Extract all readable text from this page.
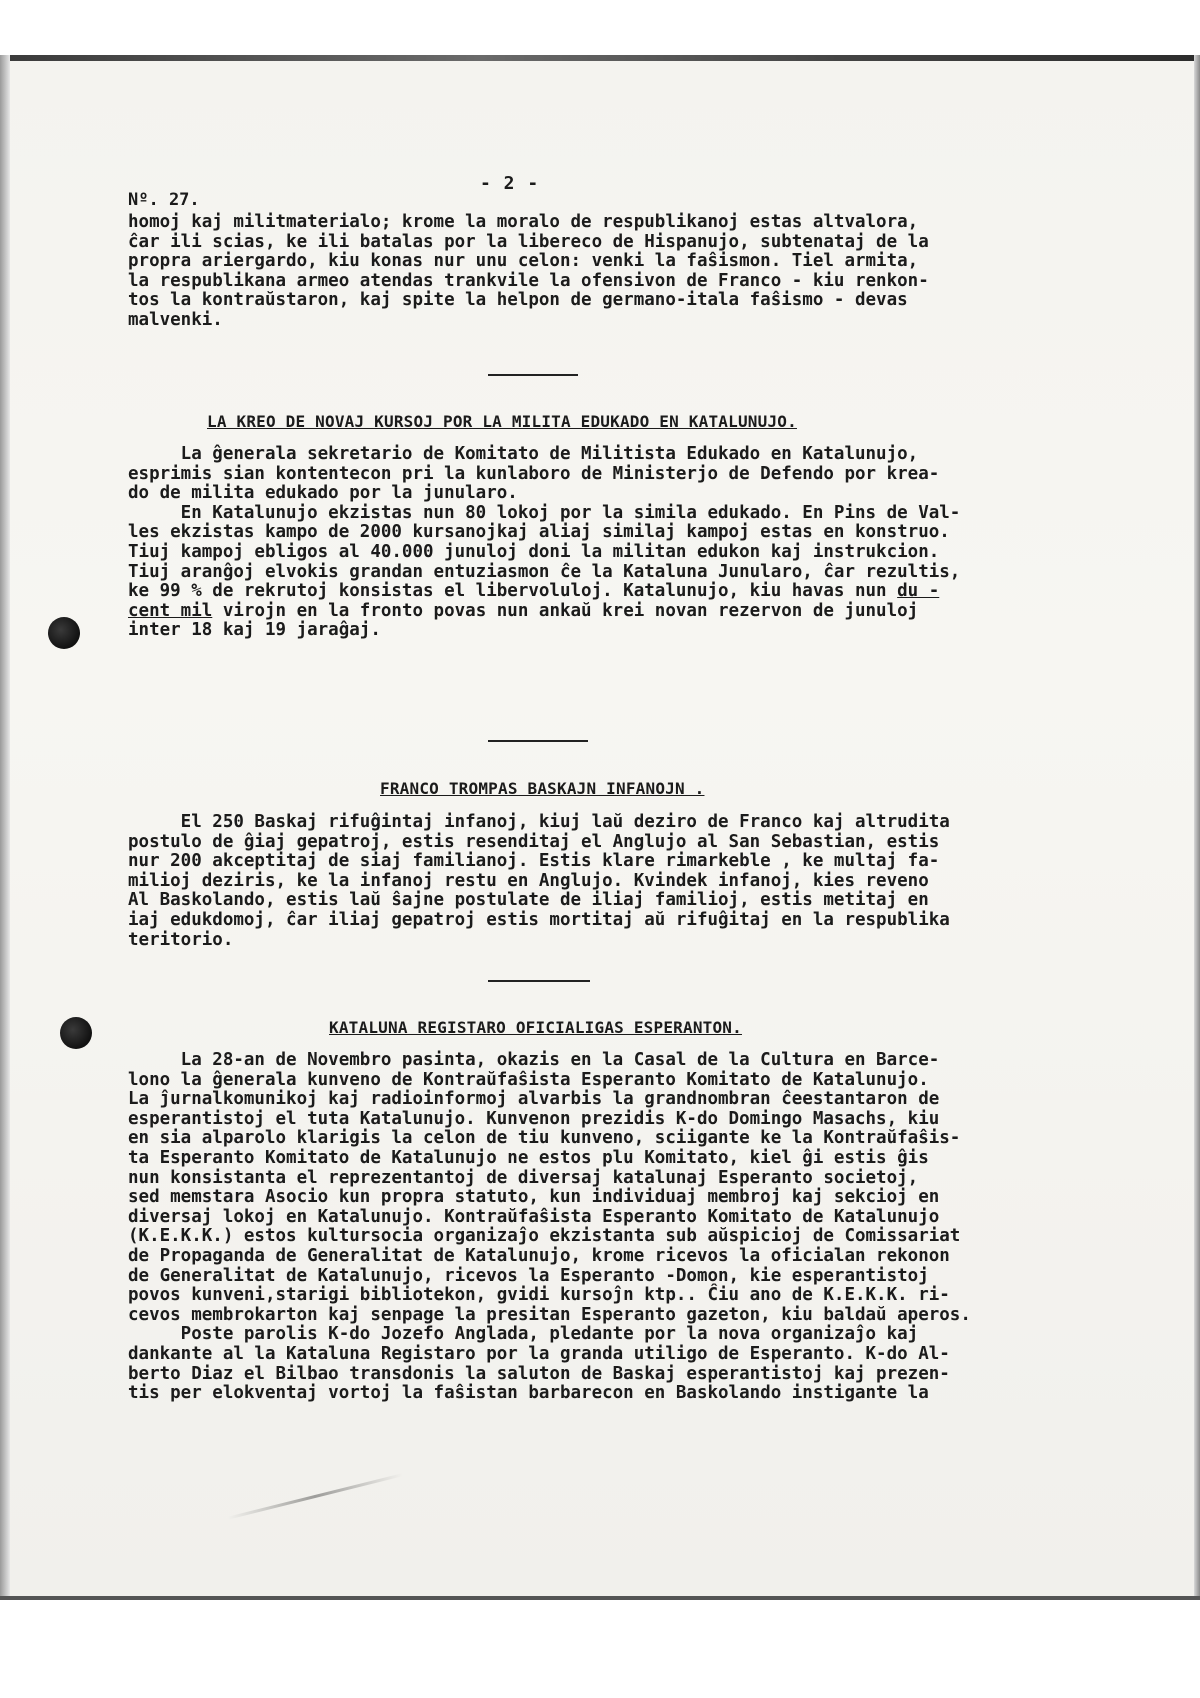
- 2 -
Nº. 27.
homoj kaj militmaterialo; krome la moralo de respublikanoj estas altvalora,
ĉar ili scias, ke ili batalas por la libereco de Hispanujo, subtenataj de la
propra ariergardo, kiu konas nur unu celon: venki la faŝismon. Tiel armita,
la respublikana armeo atendas trankvile la ofensivon de Franco - kiu renkon-
tos la kontraŭstaron, kaj spite la helpon de germano-itala faŝismo - devas
malvenki.
LA KREO DE NOVAJ KURSOJ POR LA MILITA EDUKADO EN KATALUNUJO.
La ĝenerala sekretario de Komitato de Militista Edukado en Katalunujo,
esprimis sian kontentecon pri la kunlaboro de Ministerjo de Defendo por krea-
do de milita edukado por la junularo.
En Katalunujo ekzistas nun 80 lokoj por la simila edukado. En Pins de Val-
les ekzistas kampo de 2000 kursanojkaj aliaj similaj kampoj estas en konstruo.
Tiuj kampoj ebligos al 40.000 junuloj doni la militan edukon kaj instrukcion.
Tiuj aranĝoj elvokis grandan entuziasmon ĉe la Kataluna Junularo, ĉar rezultis,
ke 99 % de rekrutoj konsistas el libervoluloj. Katalunujo, kiu havas nun du -
cent mil virojn en la fronto povas nun ankaŭ krei novan rezervon de junuloj
inter 18 kaj 19 jaraĝaj.
FRANCO TROMPAS BASKAJN INFANOJN .
El 250 Baskaj rifuĝintaj infanoj, kiuj laŭ deziro de Franco kaj altrudita
postulo de ĝiaj gepatroj, estis resenditaj el Anglujo al San Sebastian, estis
nur 200 akceptitaj de siaj familianoj. Estis klare rimarkeble , ke multaj fa-
milioj deziris, ke la infanoj restu en Anglujo. Kvindek infanoj, kies reveno
Al Baskolando, estis laŭ ŝajne postulate de iliaj familioj, estis metitaj en
iaj edukdomoj, ĉar iliaj gepatroj estis mortitaj aŭ rifuĝitaj en la respublika
teritorio.
KATALUNA REGISTARO OFICIALIGAS ESPERANTON.
La 28-an de Novembro pasinta, okazis en la Casal de la Cultura en Barce-
lono la ĝenerala kunveno de Kontraŭfaŝista Esperanto Komitato de Katalunujo.
La ĵurnalkomunikoj kaj radioinformoj alvarbis la grandnombran ĉeestantaron de
esperantistoj el tuta Katalunujo. Kunvenon prezidis K-do Domingo Masachs, kiu
en sia alparolo klarigis la celon de tiu kunveno, sciigante ke la Kontraŭfaŝis-
ta Esperanto Komitato de Katalunujo ne estos plu Komitato, kiel ĝi estis ĝis
nun konsistanta el reprezentantoj de diversaj katalunaj Esperanto societoj,
sed memstara Asocio kun propra statuto, kun individuaj membroj kaj sekcioj en
diversaj lokoj en Katalunujo. Kontraŭfaŝista Esperanto Komitato de Katalunujo
(K.E.K.K.) estos kultursocia organizaĵo ekzistanta sub aŭspicioj de Comissariat
de Propaganda de Generalitat de Katalunujo, krome ricevos la oficialan rekonon
de Generalitat de Katalunujo, ricevos la Esperanto -Domon, kie esperantistoj
povos kunveni,starigi bibliotekon, gvidi kursoĵn ktp.. Ĉiu ano de K.E.K.K. ri-
cevos membrokarton kaj senpage la presitan Esperanto gazeton, kiu baldaŭ aperos.
Poste parolis K-do Jozefo Anglada, pledante por la nova organizaĵo kaj
dankante al la Kataluna Registaro por la granda utiligo de Esperanto. K-do Al-
berto Diaz el Bilbao transdonis la saluton de Baskaj esperantistoj kaj prezen-
tis per elokventaj vortoj la faŝistan barbarecon en Baskolando instigante la
